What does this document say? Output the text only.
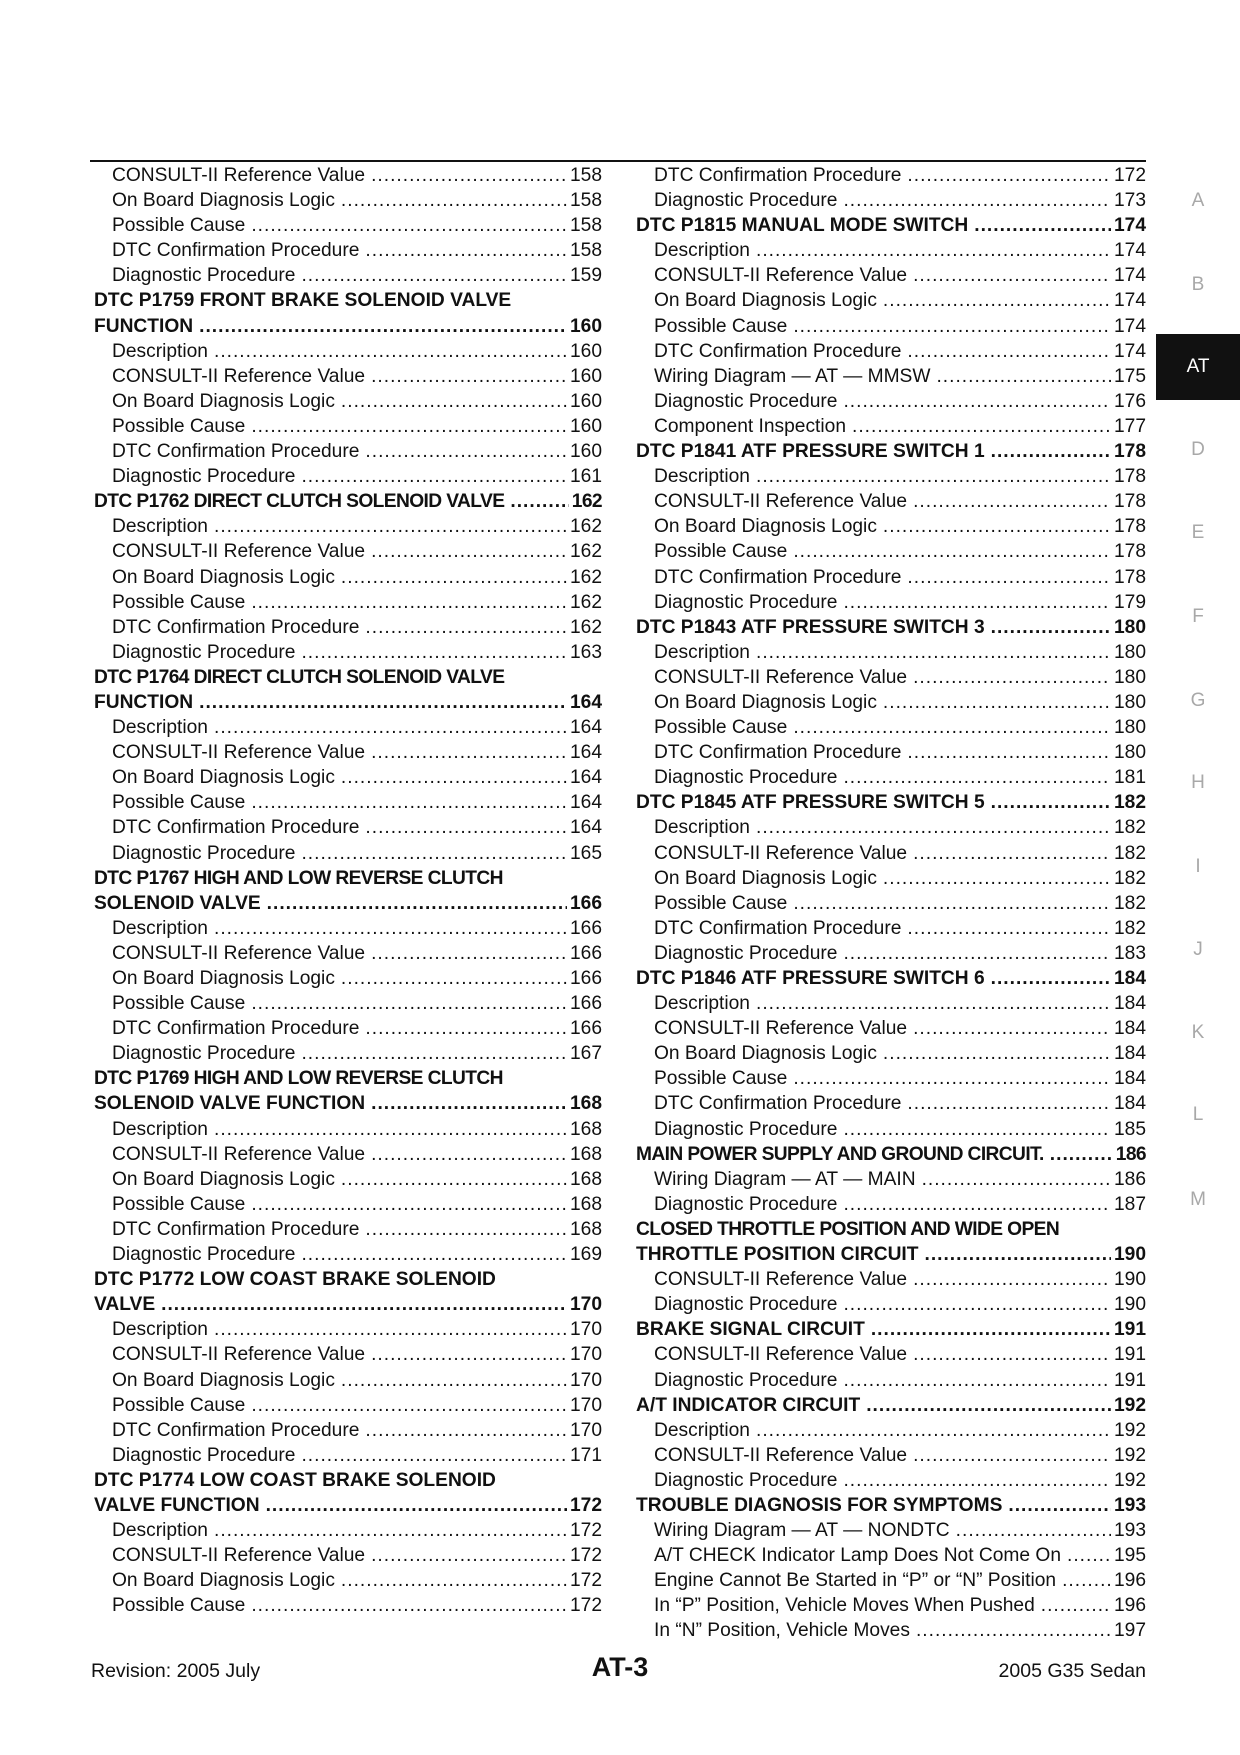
CONSULT-II Reference Value .....	158
On Board Diagnosis Logic .....	158
Possible Cause .....	158
DTC Confirmation Procedure .....	158
Diagnostic Procedure .....	159
DTC P1759 FRONT BRAKE SOLENOID VALVE
FUNCTION .....	160
Description .....	160
CONSULT-II Reference Value .....	160
On Board Diagnosis Logic .....	160
Possible Cause .....	160
DTC Confirmation Procedure .....	160
Diagnostic Procedure .....	161
DTC P1762 DIRECT CLUTCH SOLENOID VALVE .....	162
Description .....	162
CONSULT-II Reference Value .....	162
On Board Diagnosis Logic .....	162
Possible Cause .....	162
DTC Confirmation Procedure .....	162
Diagnostic Procedure .....	163
DTC P1764 DIRECT CLUTCH SOLENOID VALVE
FUNCTION .....	164
Description .....	164
CONSULT-II Reference Value .....	164
On Board Diagnosis Logic .....	164
Possible Cause .....	164
DTC Confirmation Procedure .....	164
Diagnostic Procedure .....	165
DTC P1767 HIGH AND LOW REVERSE CLUTCH
SOLENOID VALVE .....	166
Description .....	166
CONSULT-II Reference Value .....	166
On Board Diagnosis Logic .....	166
Possible Cause .....	166
DTC Confirmation Procedure .....	166
Diagnostic Procedure .....	167
DTC P1769 HIGH AND LOW REVERSE CLUTCH
SOLENOID VALVE FUNCTION .....	168
Description .....	168
CONSULT-II Reference Value .....	168
On Board Diagnosis Logic .....	168
Possible Cause .....	168
DTC Confirmation Procedure .....	168
Diagnostic Procedure .....	169
DTC P1772 LOW COAST BRAKE SOLENOID
VALVE .....	170
Description .....	170
CONSULT-II Reference Value .....	170
On Board Diagnosis Logic .....	170
Possible Cause .....	170
DTC Confirmation Procedure .....	170
Diagnostic Procedure .....	171
DTC P1774 LOW COAST BRAKE SOLENOID
VALVE FUNCTION .....	172
Description .....	172
CONSULT-II Reference Value .....	172
On Board Diagnosis Logic .....	172
Possible Cause .....	172
DTC Confirmation Procedure .....	172
Diagnostic Procedure .....	173
DTC P1815 MANUAL MODE SWITCH .....	174
Description .....	174
CONSULT-II Reference Value .....	174
On Board Diagnosis Logic .....	174
Possible Cause .....	174
DTC Confirmation Procedure .....	174
Wiring Diagram — AT — MMSW .....	175
Diagnostic Procedure .....	176
Component Inspection .....	177
DTC P1841 ATF PRESSURE SWITCH 1 .....	178
Description .....	178
CONSULT-II Reference Value .....	178
On Board Diagnosis Logic .....	178
Possible Cause .....	178
DTC Confirmation Procedure .....	178
Diagnostic Procedure .....	179
DTC P1843 ATF PRESSURE SWITCH 3 .....	180
Description .....	180
CONSULT-II Reference Value .....	180
On Board Diagnosis Logic .....	180
Possible Cause .....	180
DTC Confirmation Procedure .....	180
Diagnostic Procedure .....	181
DTC P1845 ATF PRESSURE SWITCH 5 .....	182
Description .....	182
CONSULT-II Reference Value .....	182
On Board Diagnosis Logic .....	182
Possible Cause .....	182
DTC Confirmation Procedure .....	182
Diagnostic Procedure .....	183
DTC P1846 ATF PRESSURE SWITCH 6 .....	184
Description .....	184
CONSULT-II Reference Value .....	184
On Board Diagnosis Logic .....	184
Possible Cause .....	184
DTC Confirmation Procedure .....	184
Diagnostic Procedure .....	185
MAIN POWER SUPPLY AND GROUND CIRCUIT. .....	186
Wiring Diagram — AT — MAIN .....	186
Diagnostic Procedure .....	187
CLOSED THROTTLE POSITION AND WIDE OPEN
THROTTLE POSITION CIRCUIT .....	190
CONSULT-II Reference Value .....	190
Diagnostic Procedure .....	190
BRAKE SIGNAL CIRCUIT .....	191
CONSULT-II Reference Value .....	191
Diagnostic Procedure .....	191
A/T INDICATOR CIRCUIT .....	192
Description .....	192
CONSULT-II Reference Value .....	192
Diagnostic Procedure .....	192
TROUBLE DIAGNOSIS FOR SYMPTOMS .....	193
Wiring Diagram — AT — NONDTC .....	193
A/T CHECK Indicator Lamp Does Not Come On .....	195
Engine Cannot Be Started in “P” or “N” Position .....	196
In “P” Position, Vehicle Moves When Pushed .....	196
In “N” Position, Vehicle Moves .....	197
A
B
AT
D
E
F
G
H
I
J
K
L
M
Revision: 2005 July	AT-3	2005 G35 Sedan
